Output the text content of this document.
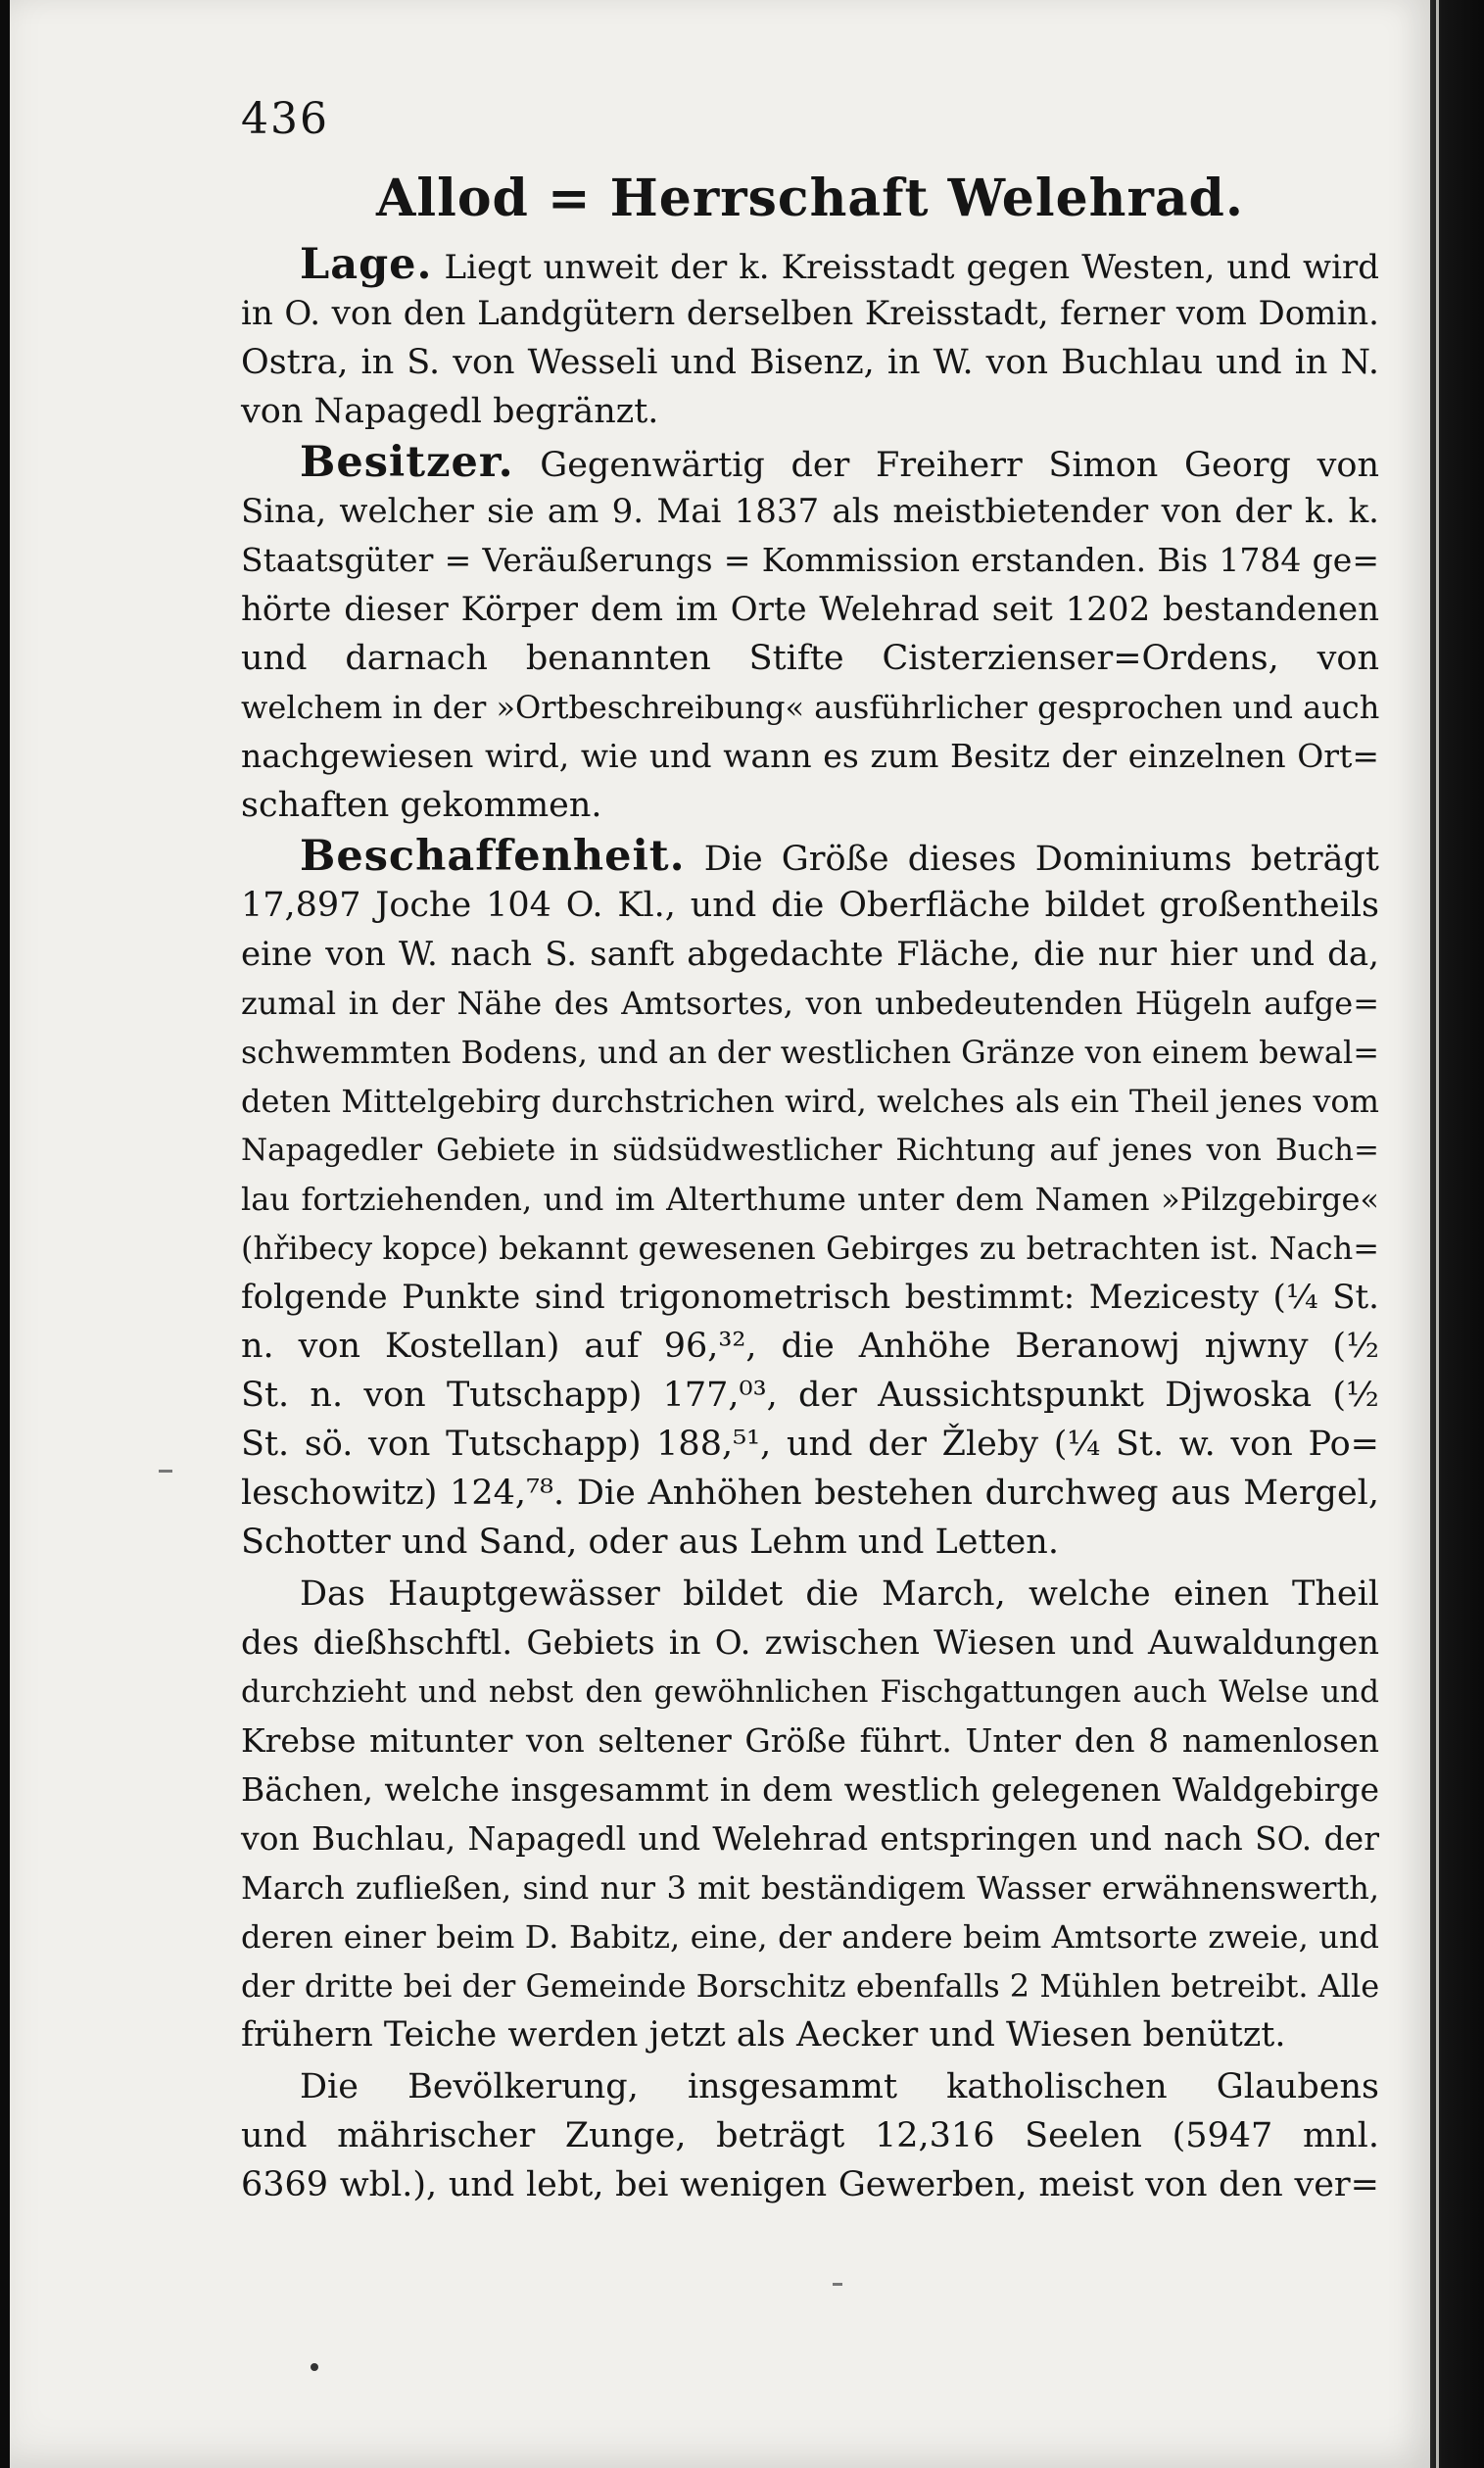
436
Allod = Herrschaft Welehrad.
Lage. Liegt unweit der k. Kreisstadt gegen Westen, und wird
in O. von den Landgütern derselben Kreisstadt, ferner vom Domin.
Ostra, in S. von Wesseli und Bisenz, in W. von Buchlau und in N.
von Napagedl begränzt.
Besitzer. Gegenwärtig der Freiherr Simon Georg von
Sina, welcher sie am 9. Mai 1837 als meistbietender von der k. k.
Staatsgüter = Veräußerungs = Kommission erstanden. Bis 1784 ge=
hörte dieser Körper dem im Orte Welehrad seit 1202 bestandenen
und darnach benannten Stifte Cisterzienser=Ordens, von
welchem in der »Ortbeschreibung« ausführlicher gesprochen und auch
nachgewiesen wird, wie und wann es zum Besitz der einzelnen Ort=
schaften gekommen.
Beschaffenheit. Die Größe dieses Dominiums beträgt
17,897 Joche 104 O. Kl., und die Oberfläche bildet großentheils
eine von W. nach S. sanft abgedachte Fläche, die nur hier und da,
zumal in der Nähe des Amtsortes, von unbedeutenden Hügeln aufge=
schwemmten Bodens, und an der westlichen Gränze von einem bewal=
deten Mittelgebirg durchstrichen wird, welches als ein Theil jenes vom
Napagedler Gebiete in südsüdwestlicher Richtung auf jenes von Buch=
lau fortziehenden, und im Alterthume unter dem Namen »Pilzgebirge«
(hřibecy kopce) bekannt gewesenen Gebirges zu betrachten ist. Nach=
folgende Punkte sind trigonometrisch bestimmt: Mezicesty (¼ St.
n. von Kostellan) auf 96,³², die Anhöhe Beranowj njwny (½
St. n. von Tutschapp) 177,⁰³, der Aussichtspunkt Djwoska (½
St. sö. von Tutschapp) 188,⁵¹, und der Žleby (¼ St. w. von Po=
leschowitz) 124,⁷⁸. Die Anhöhen bestehen durchweg aus Mergel,
Schotter und Sand, oder aus Lehm und Letten.
Das Hauptgewässer bildet die March, welche einen Theil
des dießhschftl. Gebiets in O. zwischen Wiesen und Auwaldungen
durchzieht und nebst den gewöhnlichen Fischgattungen auch Welse und
Krebse mitunter von seltener Größe führt. Unter den 8 namenlosen
Bächen, welche insgesammt in dem westlich gelegenen Waldgebirge
von Buchlau, Napagedl und Welehrad entspringen und nach SO. der
March zufließen, sind nur 3 mit beständigem Wasser erwähnenswerth,
deren einer beim D. Babitz, eine, der andere beim Amtsorte zweie, und
der dritte bei der Gemeinde Borschitz ebenfalls 2 Mühlen betreibt. Alle
frühern Teiche werden jetzt als Aecker und Wiesen benützt.
Die Bevölkerung, insgesammt katholischen Glaubens
und mährischer Zunge, beträgt 12,316 Seelen (5947 mnl.
6369 wbl.), und lebt, bei wenigen Gewerben, meist von den ver=
